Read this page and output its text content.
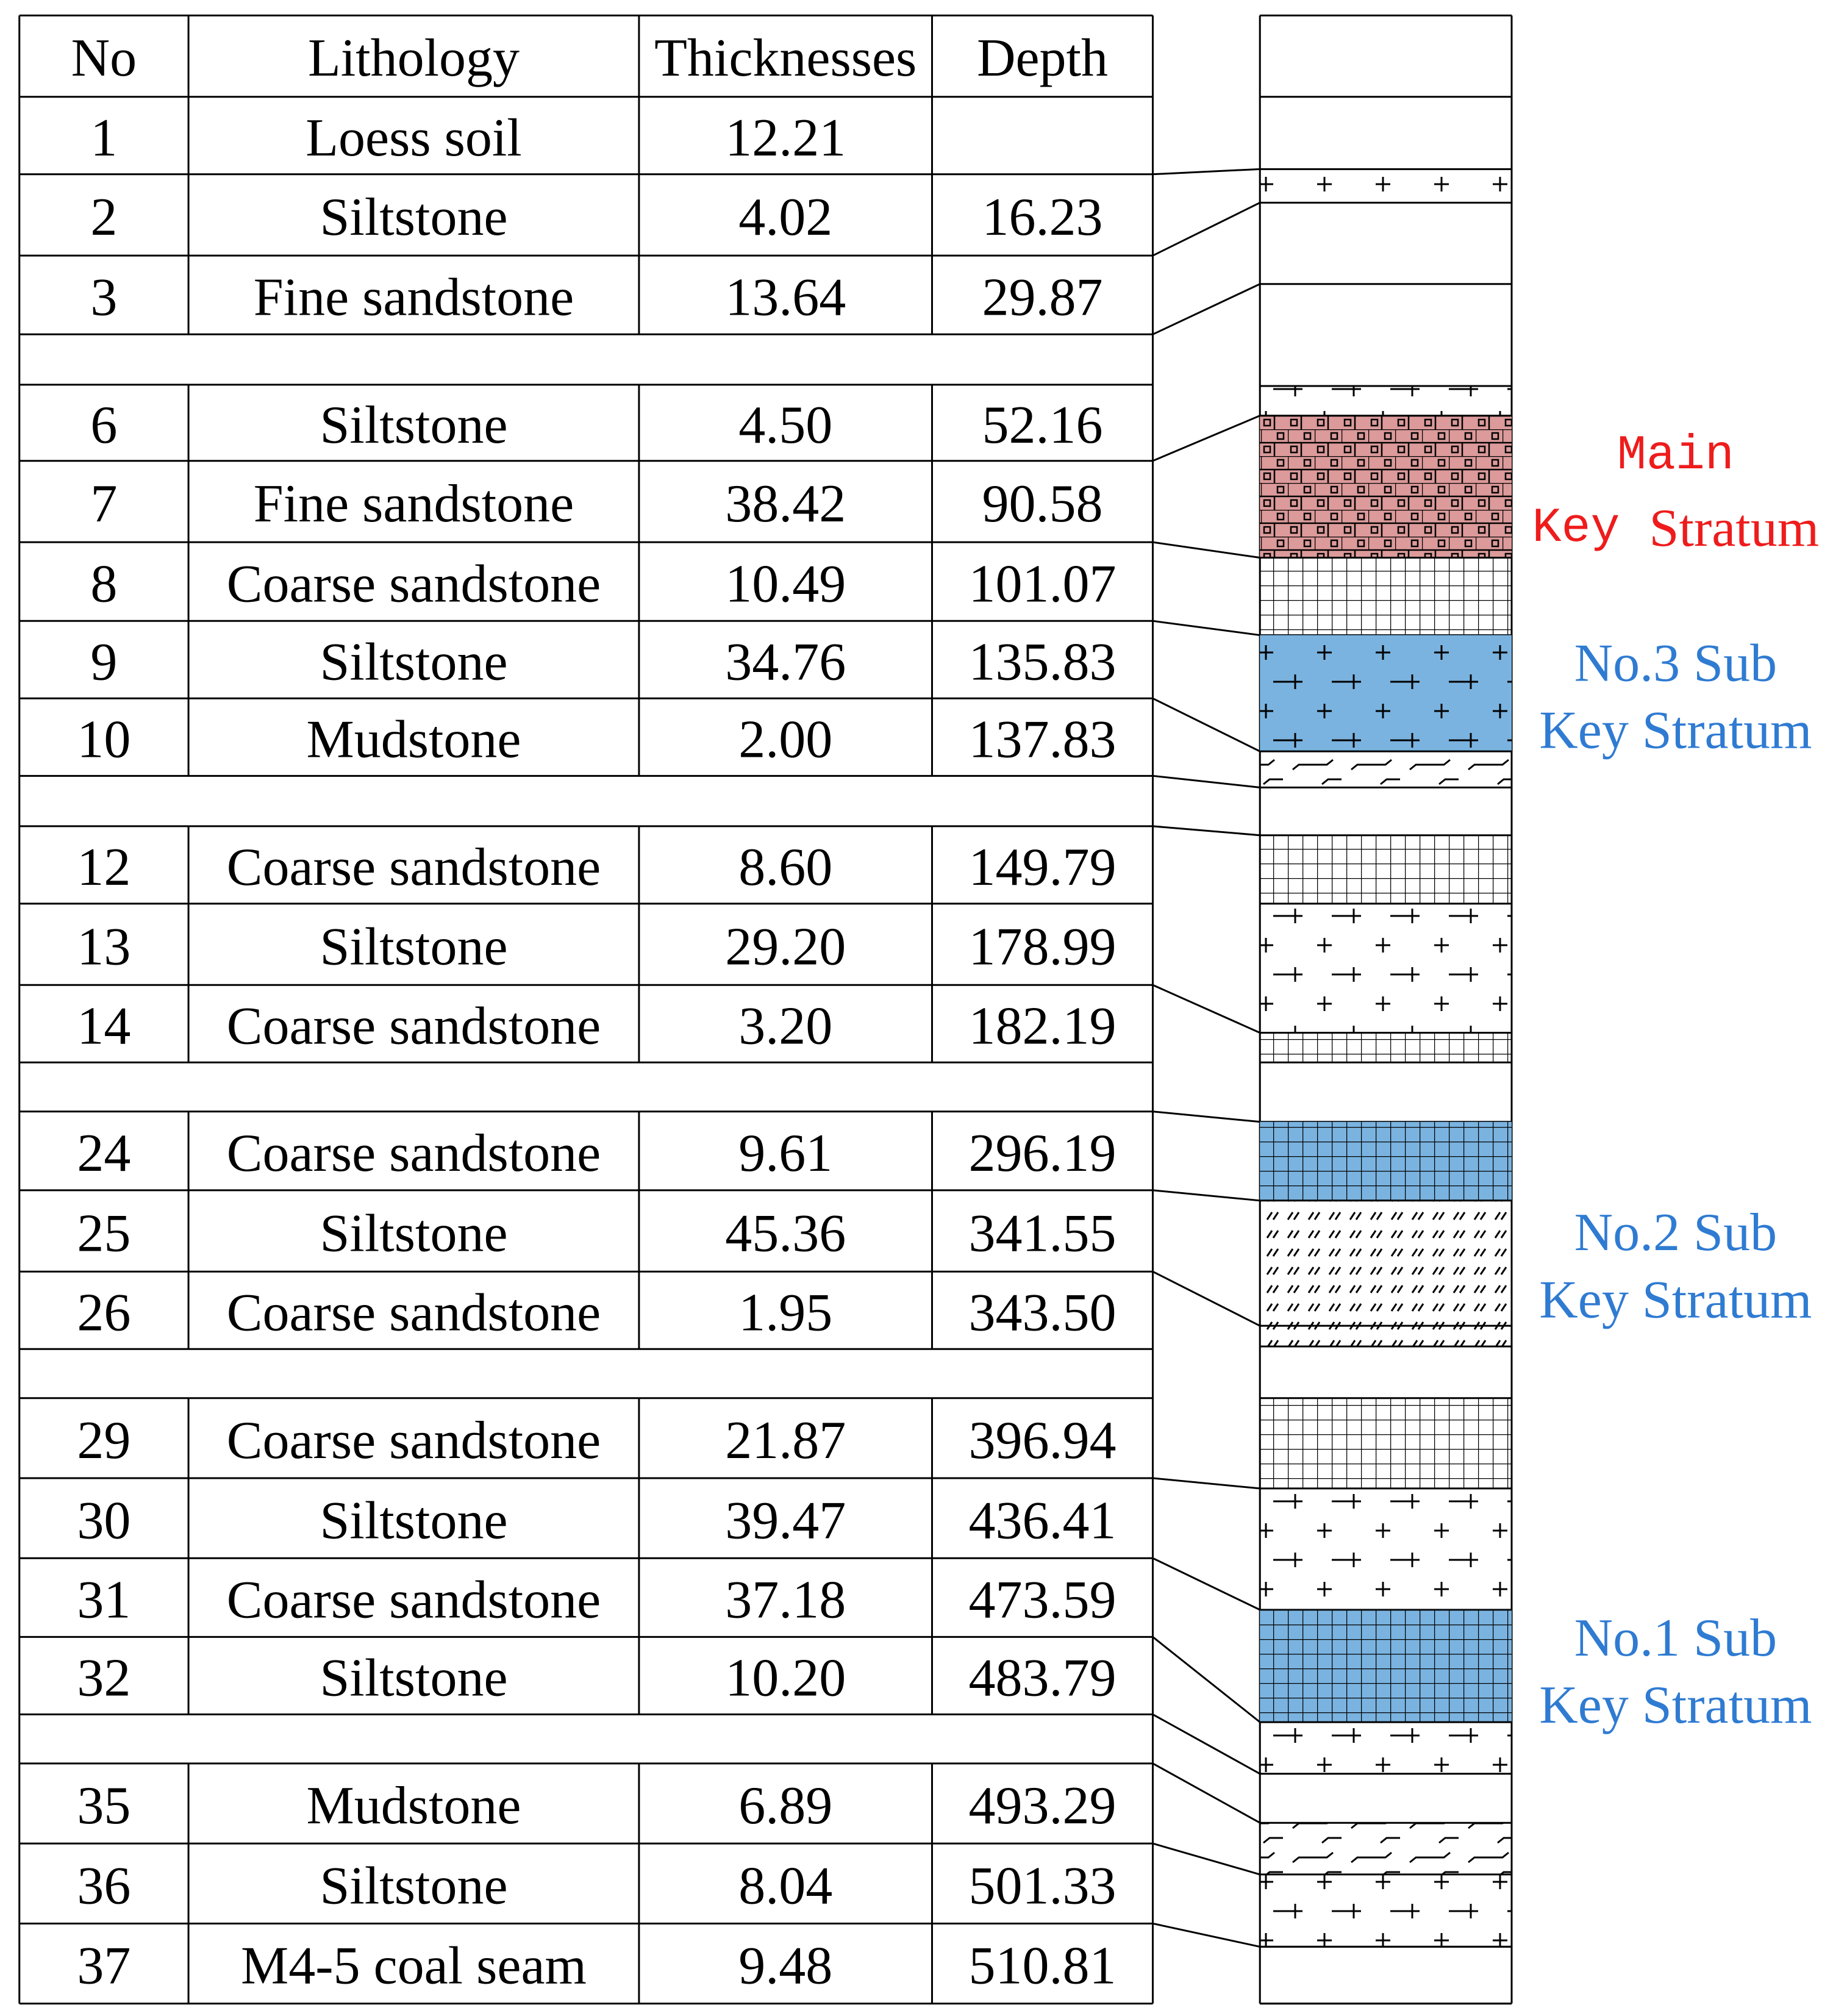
No	Lithology	Thicknesses Depth
1	Loess soil	12.21
2	Siltstone	4.02	16.23
3	Fine sandstone	13.64	29.87
6	Siltstone	4.50	52.16
7	Fine sandstone	38.42	90.58
8 Coarse sandstone 10.49 101.07
9	Siltstone	34.76 135.83
10	Mudstone	2.00	137.83
12 Coarse sandstone	8.60	149.79
13	Siltstone	29.20 178.99
14 Coarse sandstone	3.20	182.19
24 Coarse sandstone	9.61	296.19
25	Siltstone	45.36 341.55
26 Coarse sandstone	1.95	343.50
29 Coarse sandstone 21.87 396.94
30	Siltstone	39.47 436.41
31 Coarse sandstone 37.18 473.59
32	Siltstone	10.20 483.79
35	Mudstone	6.89	493.29
36	Siltstone	8.04	501.33
37 M4-5 coal seam	9.48	510.81
Main
Key Stratum
No.3 Sub
Key Stratum
No.2 Sub
Key Stratum
No.1 Sub
Key Stratum
